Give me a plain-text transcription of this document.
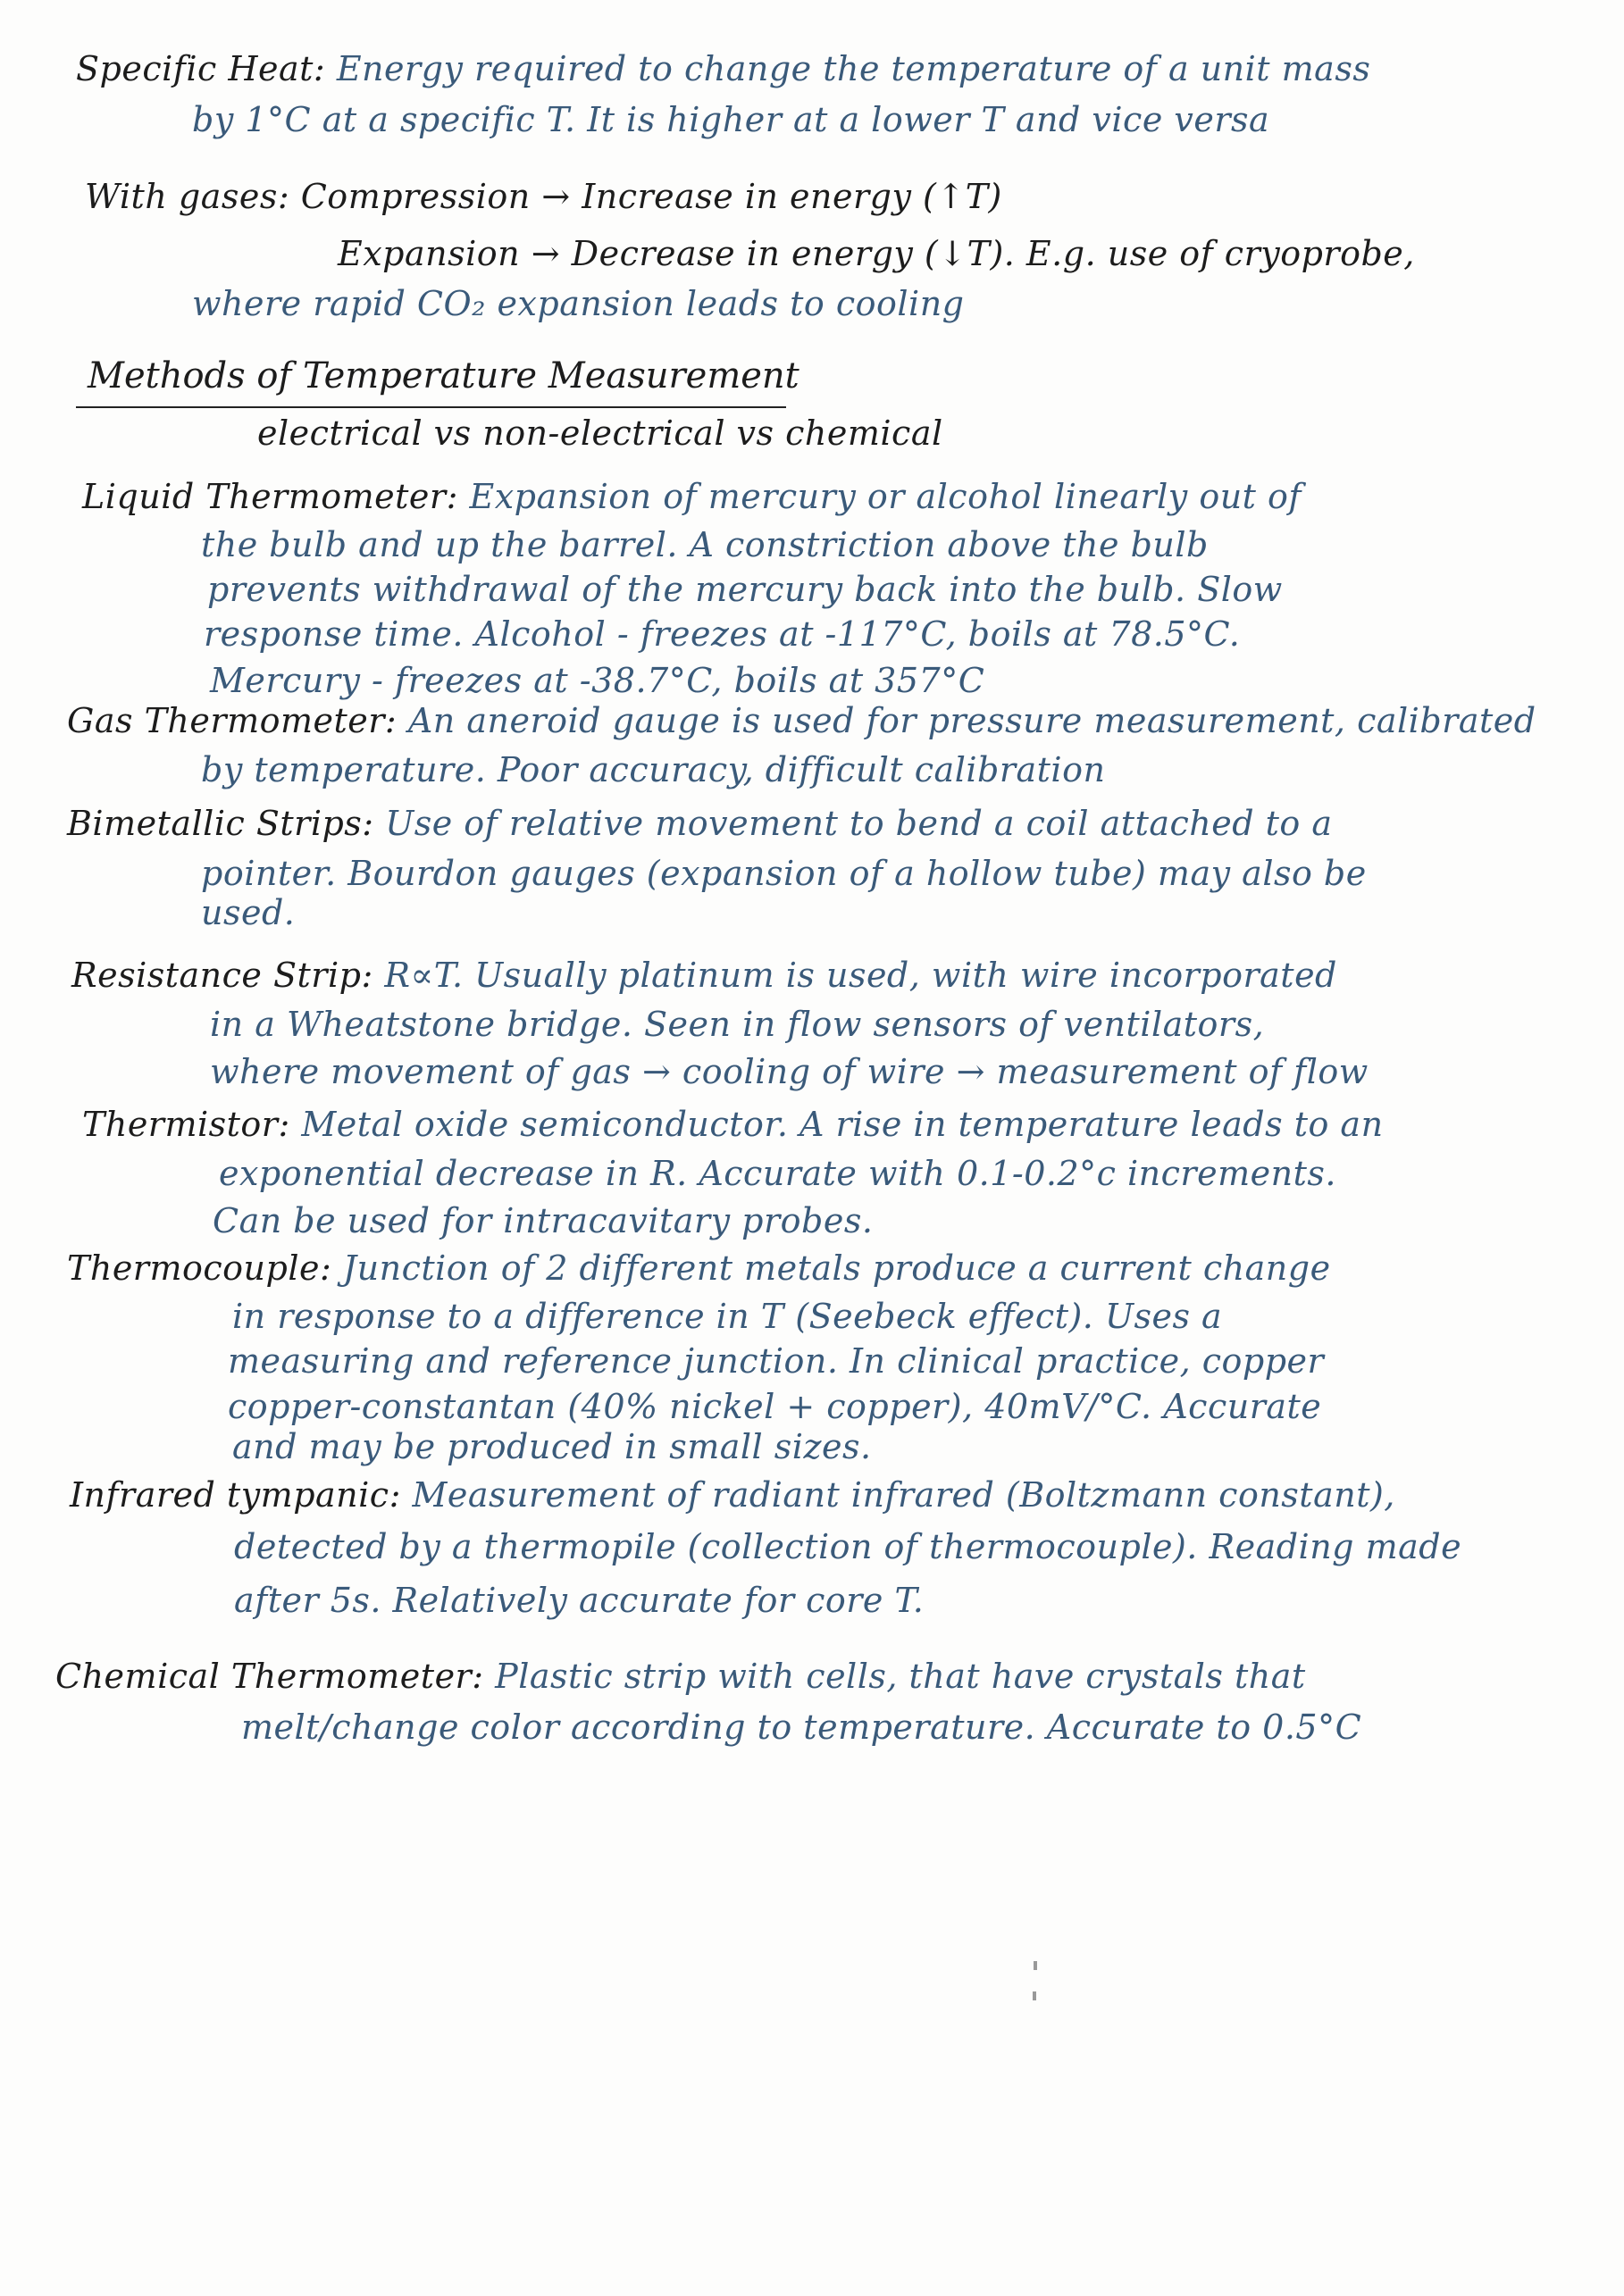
Specific Heat: Energy required to change the temperature of a unit mass
by 1°C at a specific T. It is higher at a lower T and vice versa
With gases: Compression → Increase in energy (↑T)
Expansion → Decrease in energy (↓T). E.g. use of cryoprobe,
where rapid CO₂ expansion leads to cooling
Methods of Temperature Measurement
electrical vs non-electrical vs chemical
Liquid Thermometer: Expansion of mercury or alcohol linearly out of
the bulb and up the barrel. A constriction above the bulb
prevents withdrawal of the mercury back into the bulb. Slow
response time. Alcohol - freezes at -117°C, boils at 78.5°C.
Mercury - freezes at -38.7°C, boils at 357°C
Gas Thermometer: An aneroid gauge is used for pressure measurement, calibrated
by temperature. Poor accuracy, difficult calibration
Bimetallic Strips: Use of relative movement to bend a coil attached to a
pointer. Bourdon gauges (expansion of a hollow tube) may also be
used.
Resistance Strip: R∝T. Usually platinum is used, with wire incorporated
in a Wheatstone bridge. Seen in flow sensors of ventilators,
where movement of gas → cooling of wire → measurement of flow
Thermistor: Metal oxide semiconductor. A rise in temperature leads to an
exponential decrease in R. Accurate with 0.1-0.2°c increments.
Can be used for intracavitary probes.
Thermocouple: Junction of 2 different metals produce a current change
in response to a difference in T (Seebeck effect). Uses a
measuring and reference junction. In clinical practice, copper
copper-constantan (40% nickel + copper), 40mV/°C. Accurate
and may be produced in small sizes.
Infrared tympanic: Measurement of radiant infrared (Boltzmann constant),
detected by a thermopile (collection of thermocouple). Reading made
after 5s. Relatively accurate for core T.
Chemical Thermometer: Plastic strip with cells, that have crystals that
melt/change color according to temperature. Accurate to 0.5°C
